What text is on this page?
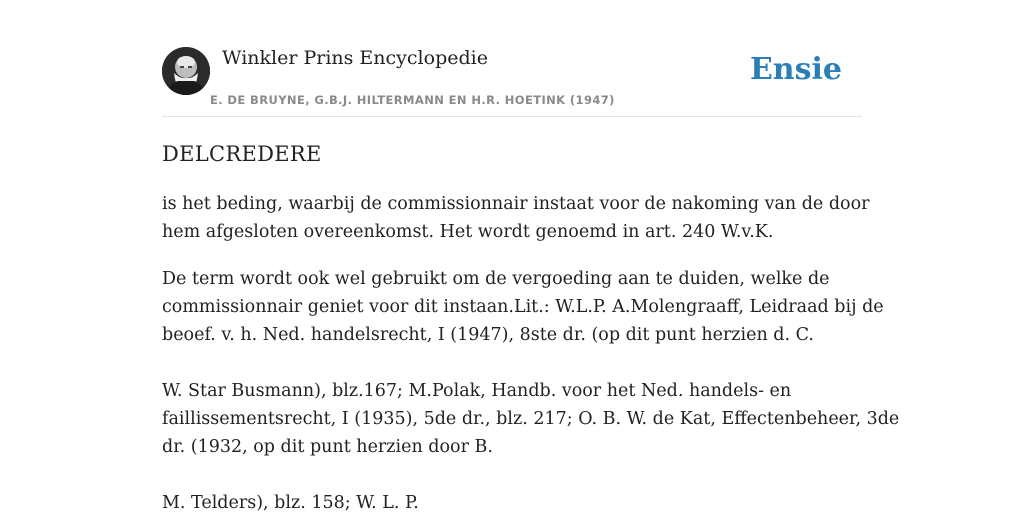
Winkler Prins Encyclopedie
E. DE BRUYNE, G.B.J. HILTERMANN EN H.R. HOETINK (1947)
Ensie
DELCREDERE

is het beding, waarbij de commissionnair instaat voor de nakoming van de door
hem afgesloten overeenkomst. Het wordt genoemd in art. 240 W.v.K.

De term wordt ook wel gebruikt om de vergoeding aan te duiden, welke de
commissionnair geniet voor dit instaan.Lit.: W.L.P. A.Molengraaff, Leidraad bij de
beoef. v. h. Ned. handelsrecht, I (1947), 8ste dr. (op dit punt herzien d. C.
W. Star Busmann), blz.167; M.Polak, Handb. voor het Ned. handels- en
faillissementsrecht, I (1935), 5de dr., blz. 217; O. B. W. de Kat, Effectenbeheer, 3de
dr. (1932, op dit punt herzien door B.
M. Telders), blz. 158; W. L. P.
